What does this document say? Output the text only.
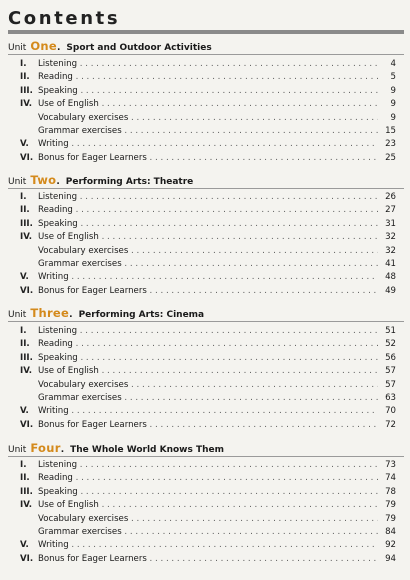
Contents
Unit One. Sport and Outdoor Activities
I.	Listening . . .	4
II. Reading . . .	5
III. Speaking . . .	9
IV. Use of English . . .	9
Vocabulary exercises . . .	9
Grammar exercises . . .	15
V.	Writing . . .	23
VI. Bonus for Eager Learners . . .	25
Unit Two. Performing Arts: Theatre
I.	Listening . . .	26
II. Reading . . .	27
III. Speaking . . .	31
IV. Use of English . . .	32
Vocabulary exercises . . .	32
Grammar exercises . . .	41
V.	Writing . . .	48
VI. Bonus for Eager Learners . . .	49
Unit Three. Performing Arts: Cinema
I.	Listening . . .	51
II. Reading . . .	52
III. Speaking . . .	56
IV. Use of English . . .	57
Vocabulary exercises . . .	57
Grammar exercises . . .	63
V.	Writing . . .	70
VI. Bonus for Eager Learners . . .	72
Unit Four. The Whole World Knows Them
I.	Listening . . .	73
II. Reading . . .	74
III. Speaking . . .	78
IV. Use of English . . .	79
Vocabulary exercises . . .	79
Grammar exercises . . .	84
V.	Writing . . .	92
VI. Bonus for Eager Learners . . .	94
